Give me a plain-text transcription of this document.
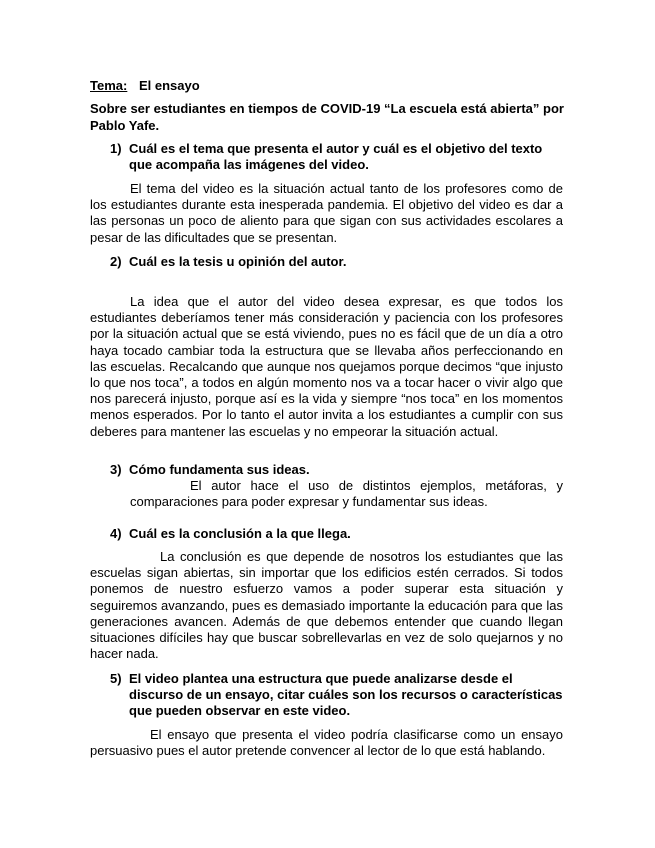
Tema: El ensayo
Sobre ser estudiantes en tiempos de COVID-19 “La escuela está abierta” por Pablo Yafe.
1) Cuál es el tema que presenta el autor y cuál es el objetivo del texto que acompaña las imágenes del video.
El tema del video es la situación actual tanto de los profesores como de los estudiantes durante esta inesperada pandemia. El objetivo del video es dar a las personas un poco de aliento para que sigan con sus actividades escolares a pesar de las dificultades que se presentan.
2) Cuál es la tesis u opinión del autor.
La idea que el autor del video desea expresar, es que todos los estudiantes deberíamos tener más consideración y paciencia con los profesores por la situación actual que se está viviendo, pues no es fácil que de un día a otro haya tocado cambiar toda la estructura que se llevaba años perfeccionando en las escuelas. Recalcando que aunque nos quejamos porque decimos “que injusto lo que nos toca”, a todos en algún momento nos va a tocar hacer o vivir algo que nos parecerá injusto, porque así es la vida y siempre “nos toca” en los momentos menos esperados. Por lo tanto el autor invita a los estudiantes a cumplir con sus deberes para mantener las escuelas y no empeorar la situación actual.
3) Cómo fundamenta sus ideas.
El autor hace el uso de distintos ejemplos, metáforas, y comparaciones para poder expresar y fundamentar sus ideas.
4) Cuál es la conclusión a la que llega.
La conclusión es que depende de nosotros los estudiantes que las escuelas sigan abiertas, sin importar que los edificios estén cerrados. Si todos ponemos de nuestro esfuerzo vamos a poder superar esta situación y seguiremos avanzando, pues es demasiado importante la educación para que las generaciones avancen. Además de que debemos entender que cuando llegan situaciones difíciles hay que buscar sobrellevarlas en vez de solo quejarnos y no hacer nada.
5) El video plantea una estructura que puede analizarse desde el discurso de un ensayo, citar cuáles son los recursos o características que pueden observar en este video.
El ensayo que presenta el video podría clasificarse como un ensayo persuasivo pues el autor pretende convencer al lector de lo que está hablando.
